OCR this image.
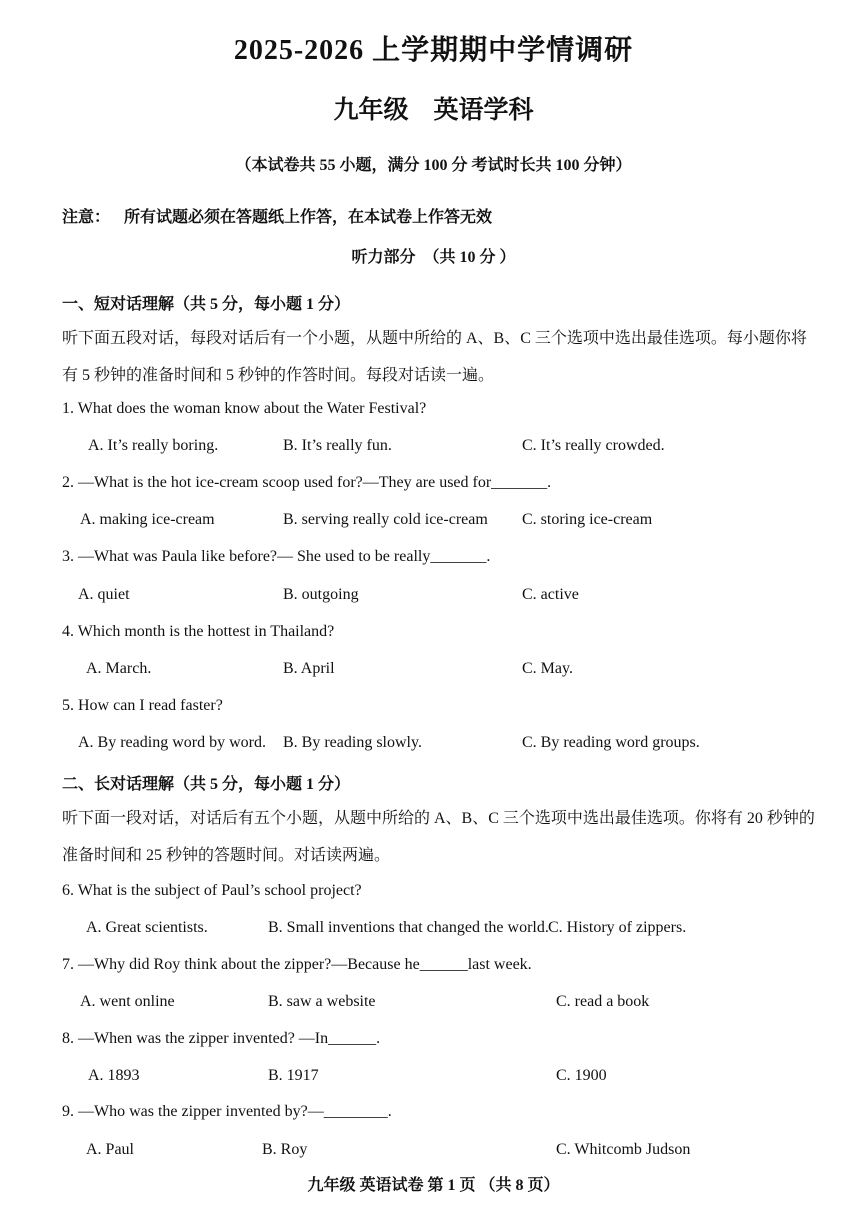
2025-2026 上学期期中学情调研
九年级　英语学科
（本试卷共 55 小题，满分 100 分 考试时长共 100 分钟）
注意： 所有试题必须在答题纸上作答，在本试卷上作答无效
听力部分　（共 10 分 ）
一、短对话理解（共 5 分，每小题 1 分）
听下面五段对话，每段对话后有一个小题，从题中所给的 A、B、C 三个选项中选出最佳选项。每小题你将有 5 秒钟的准备时间和 5 秒钟的作答时间。每段对话读一遍。
1. What does the woman know about the Water Festival?
A. It’s really boring.	B. It’s really fun.	C. It’s really crowded.
2. —What is the hot ice-cream scoop used for?—They are used for_______.
A. making ice-cream	B. serving really cold ice-cream C. storing ice-cream
3. —What was Paula like before?— She used to be really_______.
A. quiet	B. outgoing	C. active
4. Which month is the hottest in Thailand?
A. March.	B. April	C. May.
5. How can I read faster?
A. By reading word by word. B. By reading slowly.	C. By reading word groups.
二、长对话理解（共 5 分，每小题 1 分）
听下面一段对话，对话后有五个小题，从题中所给的 A、B、C 三个选项中选出最佳选项。你将有 20 秒钟的准备时间和 25 秒钟的答题时间。对话读两遍。
6. What is the subject of Paul’s school project?
A. Great scientists.	B. Small inventions that changed the world. C. History of zippers.
7. —Why did Roy think about the zipper?—Because he______last week.
A. went online	B. saw a website	C. read a book
8. —When was the zipper invented? —In______.
A. 1893	B. 1917	C. 1900
9. —Who was the zipper invented by?—________.
A. Paul	B. Roy	C. Whitcomb Judson
九年级 英语试卷 第 1 页 （共 8 页）
